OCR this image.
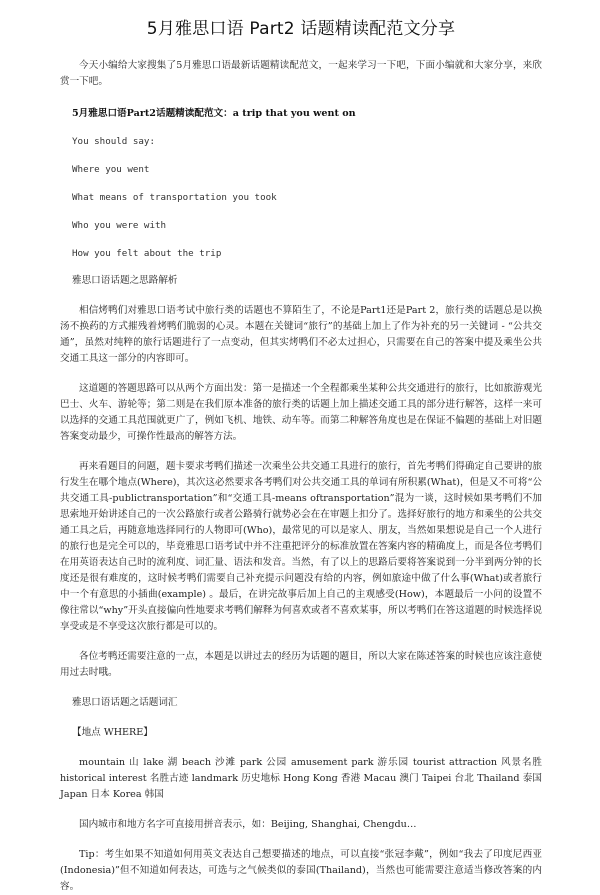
5月雅思口语 Part2 话题精读配范文分享

今天小编给大家搜集了5月雅思口语最新话题精读配范文，一起来学习一下吧，下面小编就和大家分享，来欣赏一下吧。

5月雅思口语Part2话题精读配范文：a trip that you went on

You should say:

Where you went

What means of transportation you took

Who you were with

How you felt about the trip

雅思口语话题之思路解析

相信烤鸭们对雅思口语考试中旅行类的话题也不算陌生了，不论是Part1还是Part 2，旅行类的话题总是以换汤不换药的方式摧残着烤鸭们脆弱的心灵。本题在关键词“旅行”的基础上加上了作为补充的另一关键词 - “公共交通”，虽然对纯粹的旅行话题进行了一点变动，但其实烤鸭们不必太过担心，只需要在自己的答案中提及乘坐公共交通工具这一部分的内容即可。

这道题的答题思路可以从两个方面出发：第一是描述一个全程都乘坐某种公共交通进行的旅行，比如旅游观光巴士、火车、游轮等；第二则是在我们原本准备的旅行类的话题上加上描述交通工具的部分进行解答，这样一来可以选择的交通工具范围就更广了，例如飞机、地铁、动车等。而第二种解答角度也是在保证不偏题的基础上对旧题答案变动最少，可操作性最高的解答方法。

再来看题目的问题，题卡要求考鸭们描述一次乘坐公共交通工具进行的旅行，首先考鸭们得确定自己要讲的旅行发生在哪个地点(Where)，其次这必然要求各考鸭们对公共交通工具的单词有所积累(What)，但是又不可将“公共交通工具-publictransportation”和“交通工具-means oftransportation”混为一谈，这时候如果考鸭们不加思索地开始讲述自己的一次公路旅行或者公路骑行就势必会在在审题上扣分了。选择好旅行的地方和乘坐的公共交通工具之后，再随意地选择同行的人物即可(Who)，最常见的可以是家人、朋友，当然如果想说是自己一个人进行的旅行也是完全可以的，毕竟雅思口语考试中并不注重把评分的标准放置在答案内容的精确度上，而是各位考鸭们在用英语表达自己时的流利度、词汇量、语法和发音。当然，有了以上的思路后要将答案说到一分半到两分钟的长度还是很有难度的，这时候考鸭们需要自己补充提示问题没有给的内容，例如旅途中做了什么事(What)或者旅行中一个有意思的小插曲(example) 。最后，在讲完故事后加上自己的主观感受(How)，本题最后一小问的设置不像往常以“why”开头直接偏向性地要求考鸭们解释为何喜欢或者不喜欢某事，所以考鸭们在答这道题的时候选择说享受或是不享受这次旅行都是可以的。

各位考鸭还需要注意的一点，本题是以讲过去的经历为话题的题目，所以大家在陈述答案的时候也应该注意使用过去时哦。

雅思口语话题之话题词汇

【地点 WHERE】

mountain 山 lake 湖 beach 沙滩 park 公园 amusement park 游乐园 tourist attraction 风景名胜 historical interest 名胜古迹 landmark 历史地标 Hong Kong 香港 Macau 澳门 Taipei 台北 Thailand 泰国 Japan 日本 Korea 韩国

国内城市和地方名字可直接用拼音表示，如：Beijing, Shanghai, Chengdu…

Tip：考生如果不知道如何用英文表达自己想要描述的地点，可以直接“张冠李戴”，例如“我去了印度尼西亚(Indonesia)”但不知道如何表达，可选与之气候类似的泰国(Thailand)，当然也可能需要注意适当修改答案的内容。
